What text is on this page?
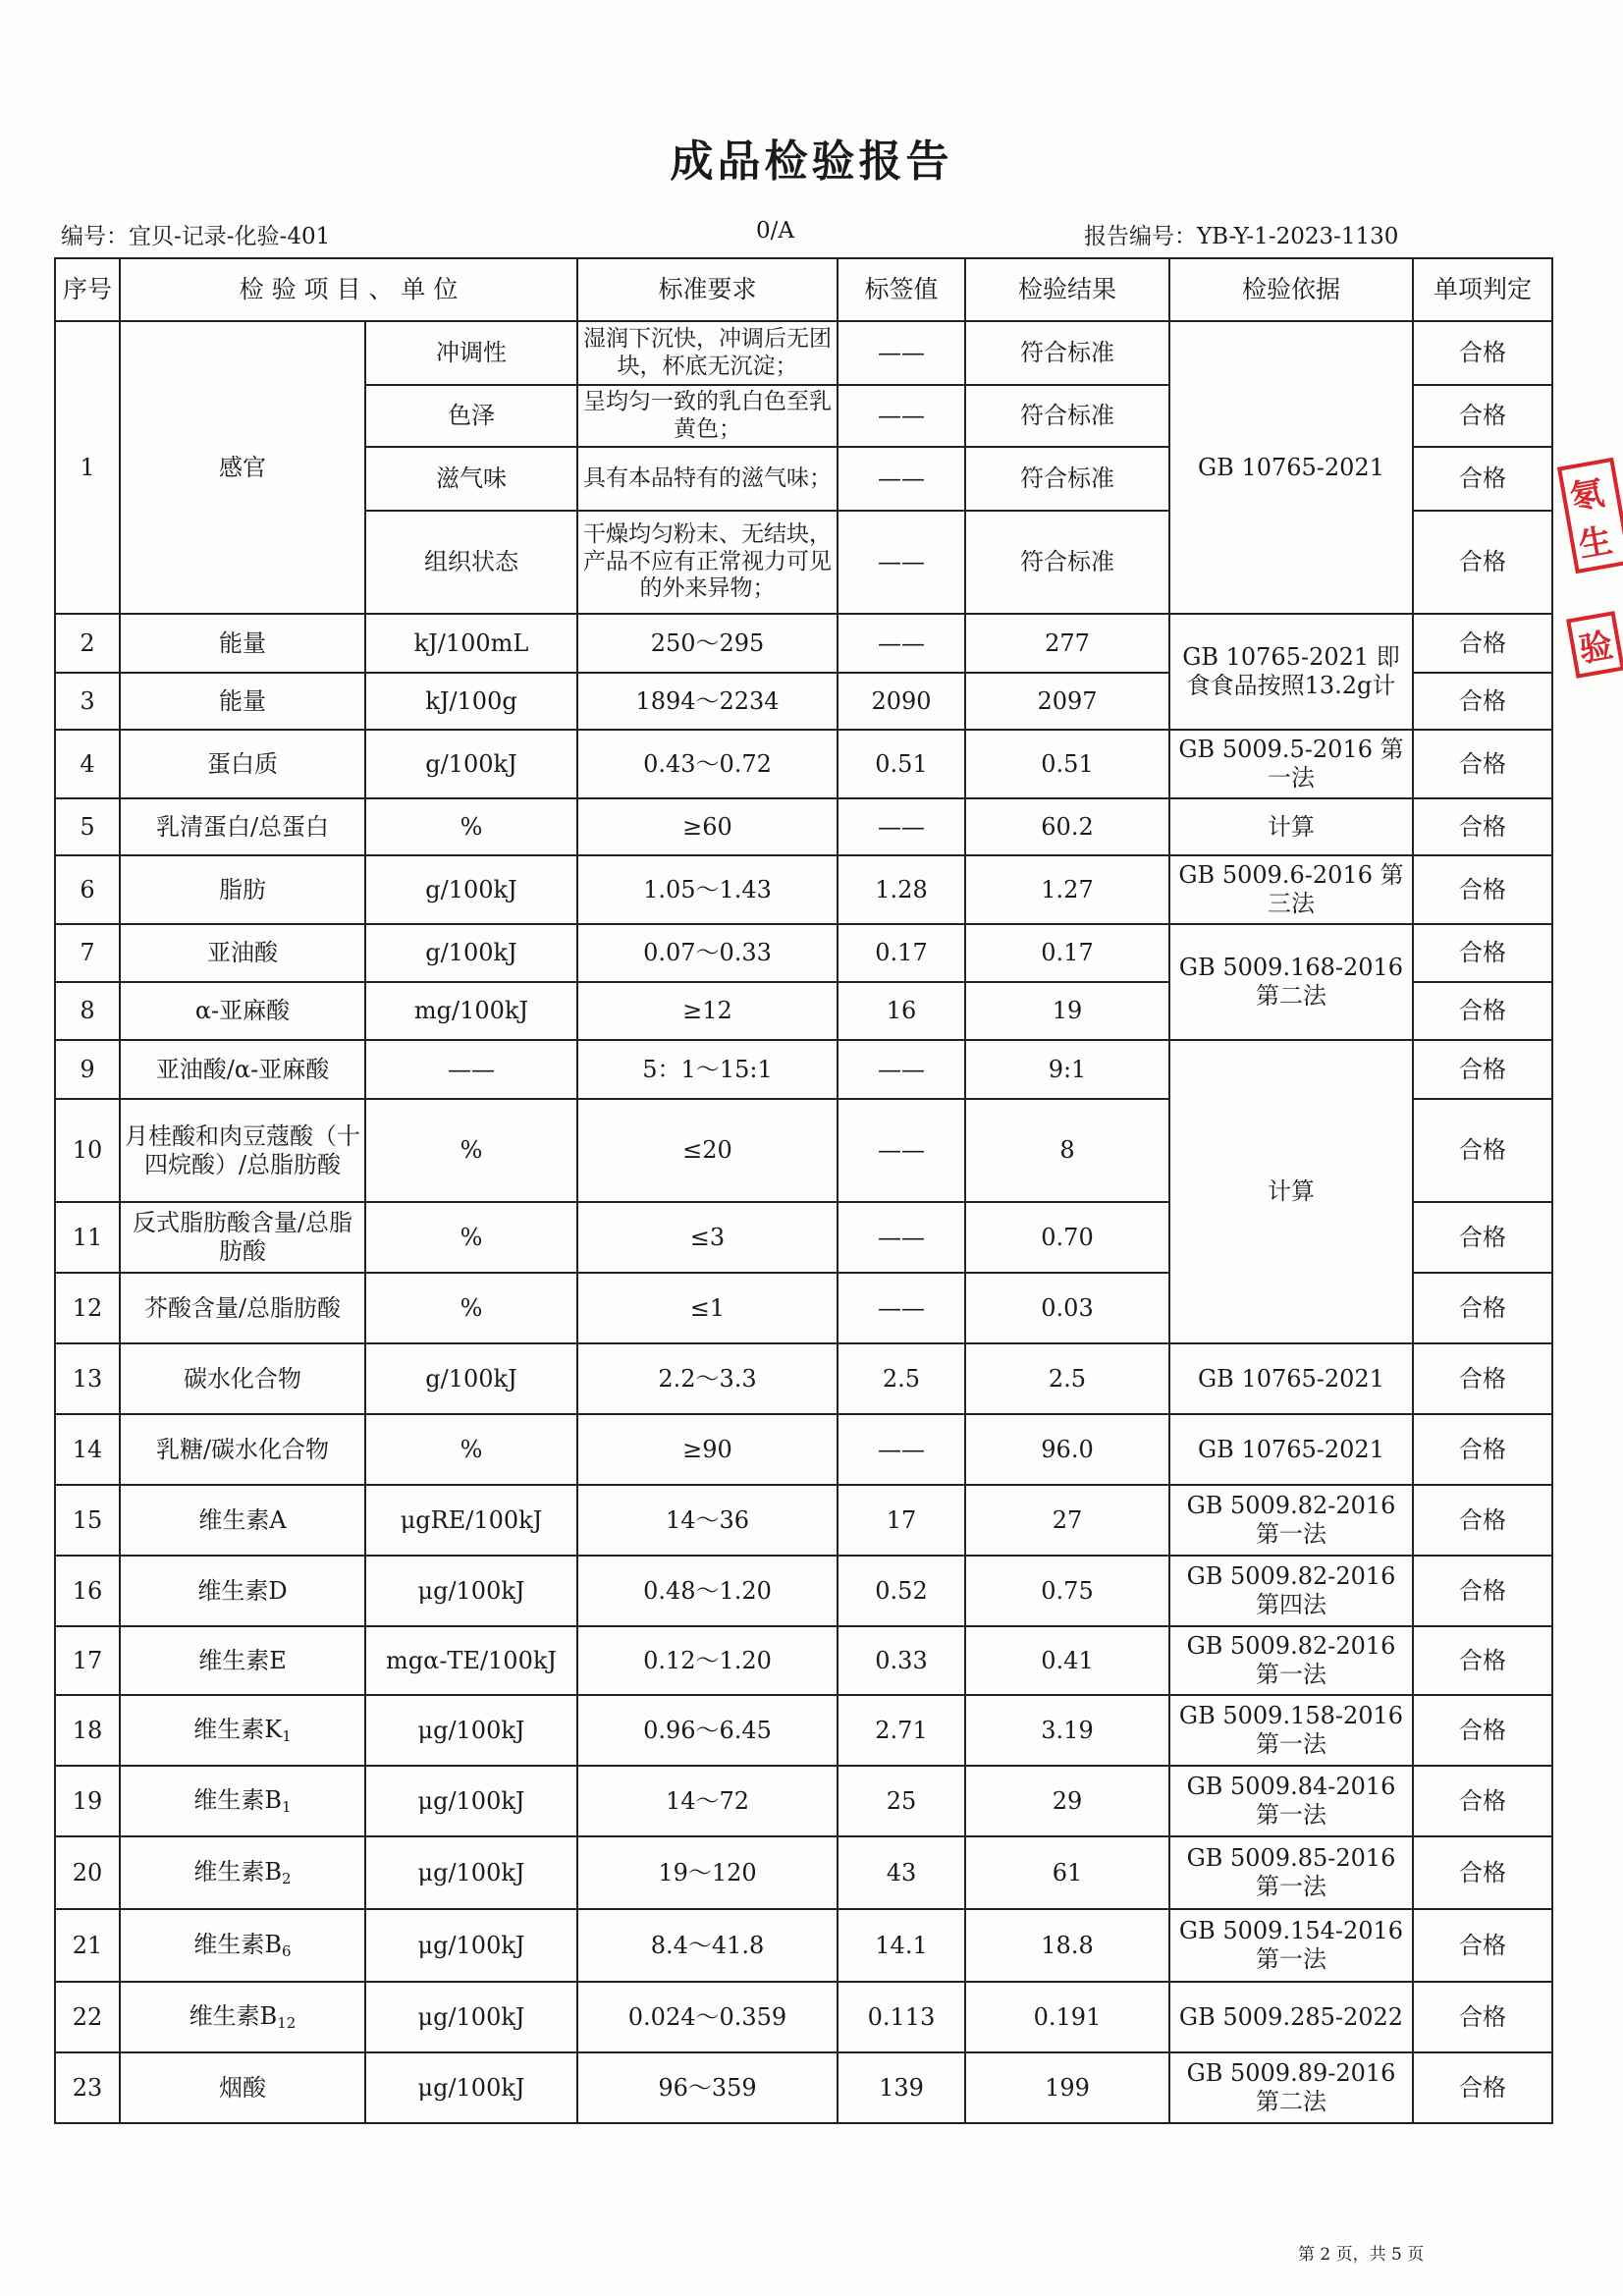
成品检验报告
编号：宜贝-记录-化验-401	0/A	报告编号：YB-Y-1-2023-1130
序号	检 验 项 目 、 单 位		标准要求	标签值	检验结果	检验依据	单项判定
1	感官	冲调性	湿润下沉快，冲调后无团块，杯底无沉淀；	——	符合标准	GB 10765-2021	合格
		色泽	呈均匀一致的乳白色至乳黄色；	——	符合标准		合格
		滋气味	具有本品特有的滋气味；	——	符合标准		合格
		组织状态	干燥均匀粉末、无结块，产品不应有正常视力可见的外来异物；	——	符合标准		合格
2	能量	kJ/100mL	250～295	——	277	GB 10765-2021 即食食品按照13.2g计	合格
3	能量	kJ/100g	1894～2234	2090	2097		合格
4	蛋白质	g/100kJ	0.43～0.72	0.51	0.51	GB 5009.5-2016 第一法	合格
5	乳清蛋白/总蛋白	%	≥60	——	60.2	计算	合格
6	脂肪	g/100kJ	1.05～1.43	1.28	1.27	GB 5009.6-2016 第三法	合格
7	亚油酸	g/100kJ	0.07～0.33	0.17	0.17	GB 5009.168-2016 第二法	合格
8	α-亚麻酸	mg/100kJ	≥12	16	19		合格
9	亚油酸/α-亚麻酸	——	5：1～15:1	——	9:1	计算	合格
10	月桂酸和肉豆蔻酸（十四烷酸）/总脂肪酸	%	≤20	——	8		合格
11	反式脂肪酸含量/总脂肪酸	%	≤3	——	0.70		合格
12	芥酸含量/总脂肪酸	%	≤1	——	0.03		合格
13	碳水化合物	g/100kJ	2.2～3.3	2.5	2.5	GB 10765-2021	合格
14	乳糖/碳水化合物	%	≥90	——	96.0	GB 10765-2021	合格
15	维生素A	μgRE/100kJ	14～36	17	27	GB 5009.82-2016 第一法	合格
16	维生素D	μg/100kJ	0.48～1.20	0.52	0.75	GB 5009.82-2016 第四法	合格
17	维生素E	mgα-TE/100kJ	0.12～1.20	0.33	0.41	GB 5009.82-2016 第一法	合格
18	维生素$K_1$	μg/100kJ	0.96～6.45	2.71	3.19	GB 5009.158-2016 第一法	合格
19	维生素$B_1$	μg/100kJ	14～72	25	29	GB 5009.84-2016 第一法	合格
20	维生素$B_2$	μg/100kJ	19～120	43	61	GB 5009.85-2016 第一法	合格
21	维生素$B_6$	μg/100kJ	8.4～41.8	14.1	18.8	GB 5009.154-2016 第一法	合格
22	维生素$B_{12}$	μg/100kJ	0.024～0.359	0.113	0.191	GB 5009.285-2022	合格
23	烟酸	μg/100kJ	96～359	139	199	GB 5009.89-2016 第二法	合格
氡生
验
第 2 页，共 5 页
